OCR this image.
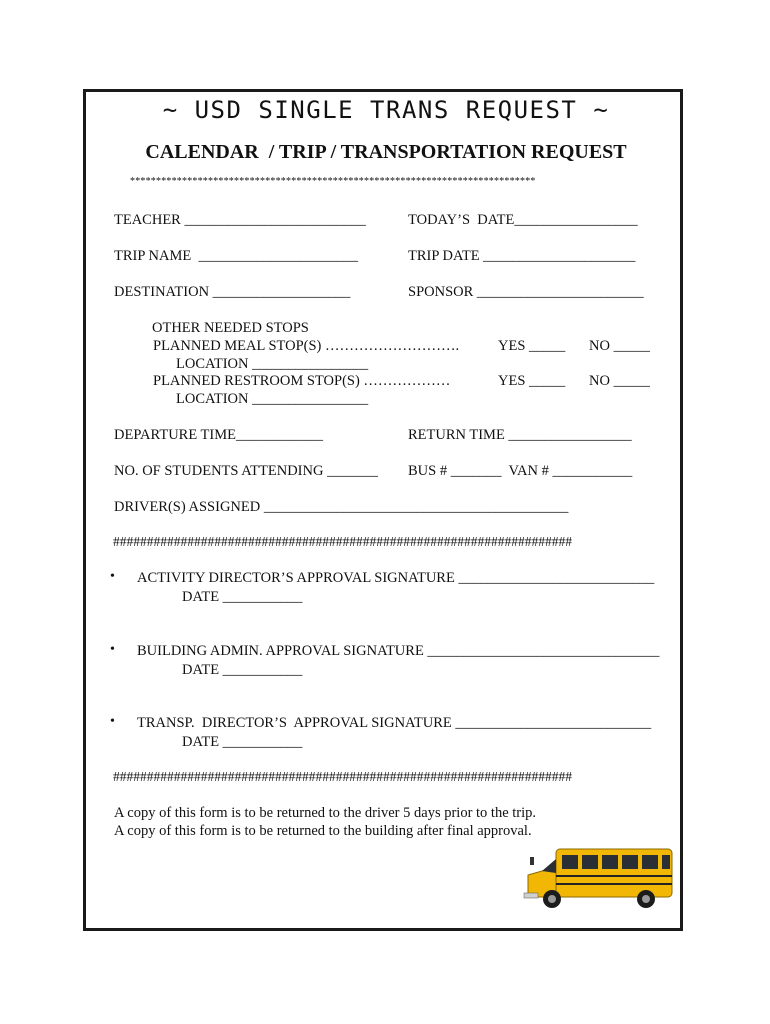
~ USD SINGLE TRANS REQUEST ~
CALENDAR  / TRIP / TRANSPORTATION REQUEST
******************************************************************************
TEACHER _________________________	TODAY’S  DATE_________________
TRIP NAME  ______________________	TRIP DATE _____________________
DESTINATION ___________________	SPONSOR _______________________
OTHER NEEDED STOPS
PLANNED MEAL STOP(S) ……………………….	YES _____ NO _____
LOCATION ________________
PLANNED RESTROOM STOP(S) ………………	YES _____ NO _____
LOCATION ________________
DEPARTURE TIME____________	RETURN TIME _________________
NO. OF STUDENTS ATTENDING _______ BUS # _______  VAN # ___________
DRIVER(S) ASSIGNED __________________________________________
####################################################################
• ACTIVITY DIRECTOR’S APPROVAL SIGNATURE ___________________________
DATE ___________
• BUILDING ADMIN. APPROVAL SIGNATURE ________________________________
DATE ___________
• TRANSP.  DIRECTOR’S  APPROVAL SIGNATURE ___________________________
DATE ___________
####################################################################
A copy of this form is to be returned to the driver 5 days prior to the trip.
A copy of this form is to be returned to the building after final approval.
